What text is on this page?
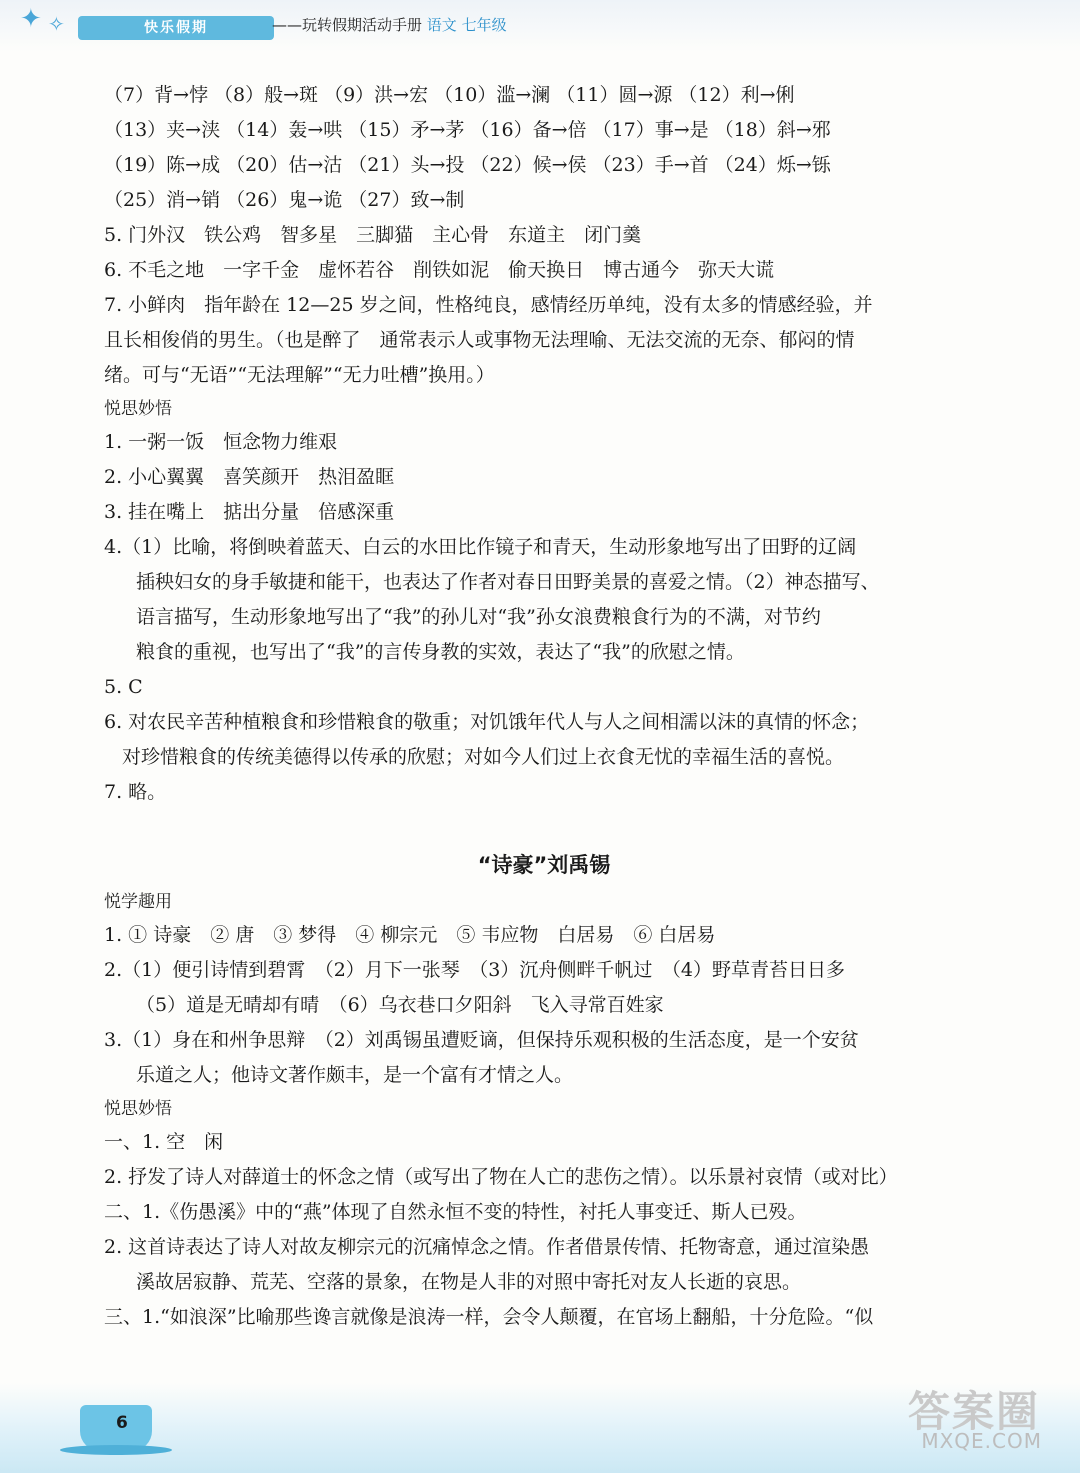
✦ ✧	快乐假期	——玩转假期活动手册 语文 七年级
（7）背→悖 （8）般→斑 （9）洪→宏 （10）滥→澜 （11）圆→源 （12）利→俐
（13）夹→浃 （14）轰→哄 （15）矛→茅 （16）备→倍 （17）事→是 （18）斜→邪
（19）陈→成 （20）估→沽 （21）头→投 （22）候→侯 （23）手→首 （24）烁→铄
（25）消→销 （26）鬼→诡 （27）致→制
5. 门外汉　铁公鸡　智多星　三脚猫　主心骨　东道主　闭门羹
6. 不毛之地　一字千金　虚怀若谷　削铁如泥　偷天换日　博古通今　弥天大谎
7. 小鲜肉　指年龄在 12—25 岁之间，性格纯良，感情经历单纯，没有太多的情感经验，并
且长相俊俏的男生。（也是醉了　通常表示人或事物无法理喻、无法交流的无奈、郁闷的情
绪。可与“无语”“无法理解”“无力吐槽”换用。）
悦思妙悟
1. 一粥一饭　恒念物力维艰
2. 小心翼翼　喜笑颜开　热泪盈眶
3. 挂在嘴上　掂出分量　倍感深重
4.（1）比喻，将倒映着蓝天、白云的水田比作镜子和青天，生动形象地写出了田野的辽阔
插秧妇女的身手敏捷和能干，也表达了作者对春日田野美景的喜爱之情。（2）神态描写、
语言描写，生动形象地写出了“我”的孙儿对“我”孙女浪费粮食行为的不满，对节约
粮食的重视，也写出了“我”的言传身教的实效，表达了“我”的欣慰之情。
5. C
6. 对农民辛苦种植粮食和珍惜粮食的敬重；对饥饿年代人与人之间相濡以沫的真情的怀念；
对珍惜粮食的传统美德得以传承的欣慰；对如今人们过上衣食无忧的幸福生活的喜悦。
7. 略。
“诗豪”刘禹锡
悦学趣用
1. ① 诗豪　② 唐　③ 梦得　④ 柳宗元　⑤ 韦应物　白居易　⑥ 白居易
2.（1）便引诗情到碧霄　（2）月下一张琴　（3）沉舟侧畔千帆过　（4）野草青苔日日多
（5）道是无晴却有晴　（6）乌衣巷口夕阳斜　飞入寻常百姓家
3.（1）身在和州争思辩　（2）刘禹锡虽遭贬谪，但保持乐观积极的生活态度，是一个安贫
乐道之人；他诗文著作颇丰，是一个富有才情之人。
悦思妙悟
一、1. 空　闲
2. 抒发了诗人对薛道士的怀念之情（或写出了物在人亡的悲伤之情）。以乐景衬哀情（或对比）
二、1.《伤愚溪》中的“燕”体现了自然永恒不变的特性，衬托人事变迁、斯人已殁。
2. 这首诗表达了诗人对故友柳宗元的沉痛悼念之情。作者借景传情、托物寄意，通过渲染愚
溪故居寂静、荒芜、空落的景象，在物是人非的对照中寄托对友人长逝的哀思。
三、1.“如浪深”比喻那些谗言就像是浪涛一样，会令人颠覆，在官场上翻船，十分危险。“似
6	答案圈
MXQE.COM
